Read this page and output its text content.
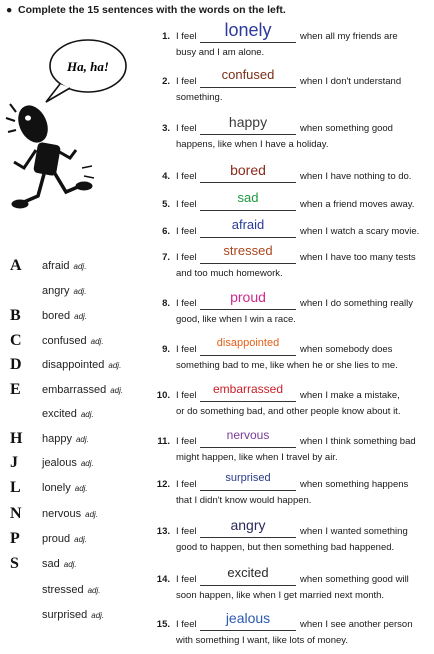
● Complete the 15 sentences with the words on the left.
Ha, ha!
A	afraid adj.
angry adj.
B	bored adj.
C	confused adj.
D	disappointed adj.
E	embarrassed adj.
excited adj.
H	happy adj.
J	jealous adj.
L	lonely adj.
N	nervous adj.
P	proud adj.
S	sad adj.
stressed adj.
surprised adj.
1. I feel	lonely	when all my friends are
busy and I am alone.
2. I feel	confused	when I don't understand
something.
3. I feel	happy	when something good
happens, like when I have a holiday.
4. I feel	bored	when I have nothing to do.
5. I feel	sad	when a friend moves away.
6. I feel	afraid	when I watch a scary movie.
7. I feel	stressed	when I have too many tests
and too much homework.
8. I feel	proud	when I do something really
good, like when I win a race.
9. I feel
disappointed
when somebody does
something bad to me, like when he or she lies to me.
10. I feel	embarrassed	when I make a mistake,
or do something bad, and other people know about it.
11. I feel	nervous	when I think something bad
might happen, like when I travel by air.
12. I feel
surprised
when something happens
that I didn't know would happen.
13. I feel	angry	when I wanted something
good to happen, but then something bad happened.
14. I feel	excited	when something good will
soon happen, like when I get married next month.
15. I feel	jealous	when I see another person
with something I want, like lots of money.
